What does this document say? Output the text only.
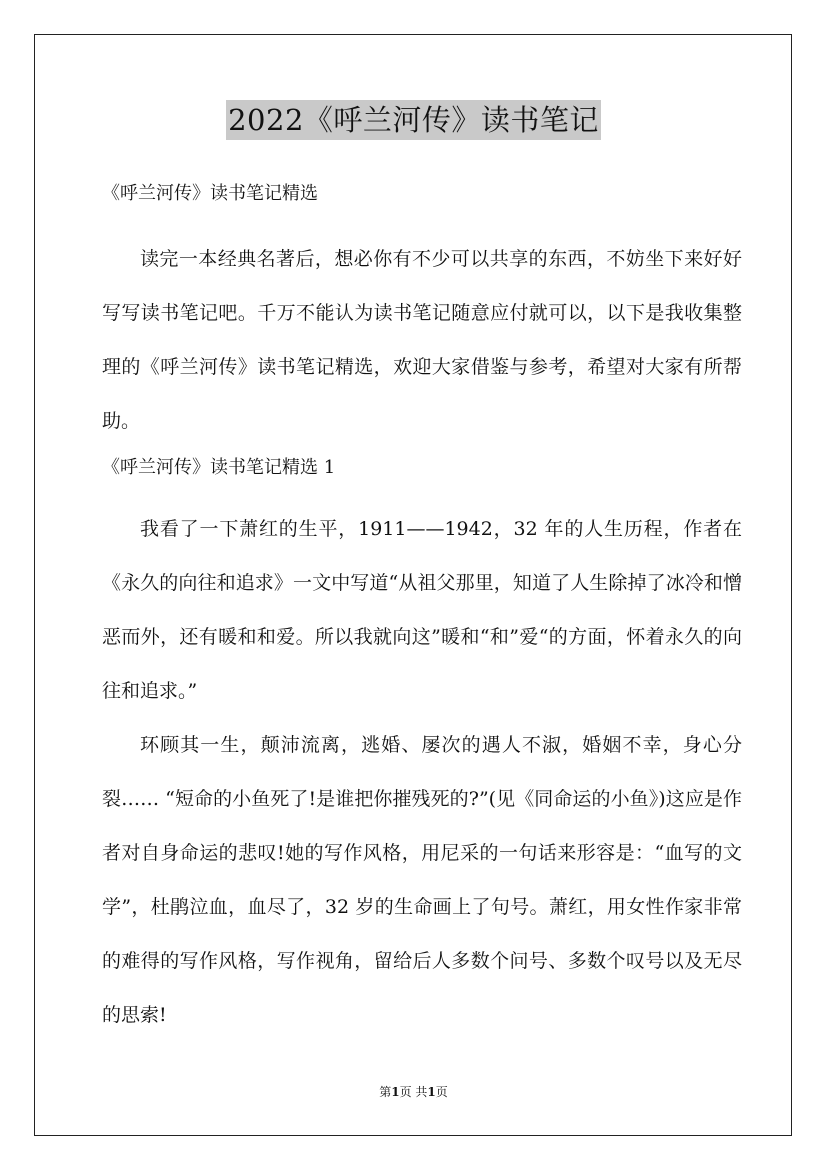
2022《呼兰河传》读书笔记

《呼兰河传》读书笔记精选

读完一本经典名著后，想必你有不少可以共享的东西，不妨坐下来好好写写读书笔记吧。千万不能认为读书笔记随意应付就可以，以下是我收集整理的《呼兰河传》读书笔记精选，欢迎大家借鉴与参考，希望对大家有所帮助。

《呼兰河传》读书笔记精选 1

我看了一下萧红的生平，1911——1942，32 年的人生历程，作者在《永久的向往和追求》一文中写道“从祖父那里，知道了人生除掉了冰冷和憎恶而外，还有暖和和爱。所以我就向这”暖和“和”爱“的方面，怀着永久的向往和追求。”

环顾其一生，颠沛流离，逃婚、屡次的遇人不淑，婚姻不幸，身心分裂…… “短命的小鱼死了!是谁把你摧残死的?”(见《同命运的小鱼》)这应是作者对自身命运的悲叹!她的写作风格，用尼采的一句话来形容是：“血写的文学”，杜鹃泣血，血尽了，32 岁的生命画上了句号。萧红，用女性作家非常的难得的写作风格，写作视角，留给后人多数个问号、多数个叹号以及无尽的思索!

第1页 共1页
